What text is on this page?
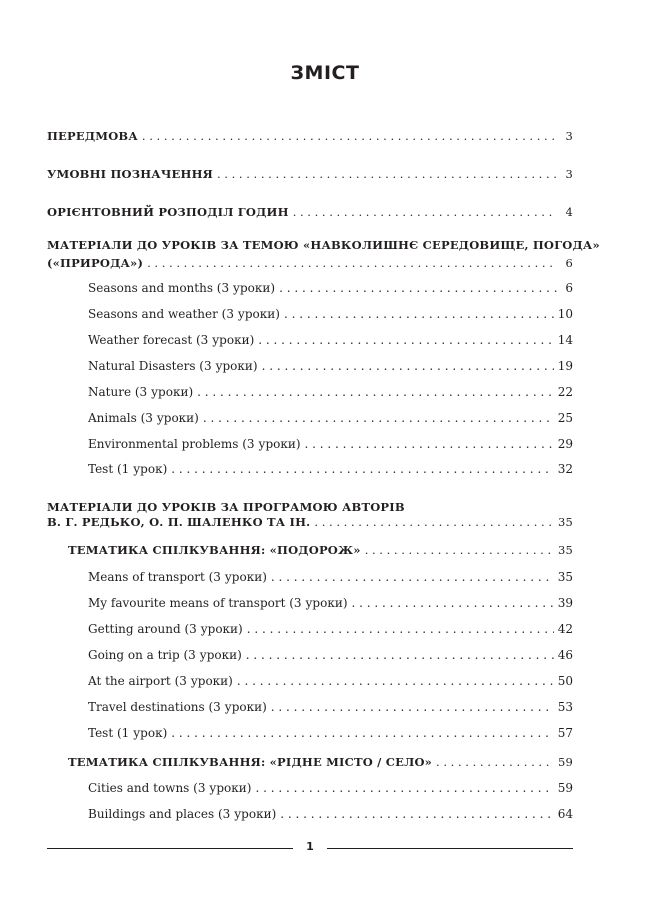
ЗМІСТ
ПЕРЕДМОВА . . .	3
УМОВНІ ПОЗНАЧЕННЯ . . .	3
ОРІЄНТОВНИЙ РОЗПОДІЛ ГОДИН . . .	4
МАТЕРІАЛИ ДО УРОКІВ ЗА ТЕМОЮ «НАВКОЛИШНЄ СЕРЕДОВИЩЕ, ПОГОДА»
(«ПРИРОДА») . . .	6
Seasons and months (3 уроки) . . .	6
Seasons and weather (3 уроки) . . .	10
Weather forecast (3 уроки) . . .	14
Natural Disasters (3 уроки) . . .	19
Nature (3 уроки) . . .	22
Animals (3 уроки) . . .	25
Environmental problems (3 уроки) . . .	29
Test (1 урок) . . .	32
МАТЕРІАЛИ ДО УРОКІВ ЗА ПРОГРАМОЮ АВТОРІВ
В. Г. РЕДЬКО, О. П. ШАЛЕНКО ТА ІН. . . .	35
ТЕМАТИКА СПІЛКУВАННЯ: «ПОДОРОЖ» . . .	35
Means of transport (3 уроки) . . .	35
My favourite means of transport (3 уроки) . . .	39
Getting around (3 уроки) . . .	42
Going on a trip (3 уроки) . . .	46
At the airport (3 уроки) . . .	50
Travel destinations (3 уроки) . . .	53
Test (1 урок) . . .	57
ТЕМАТИКА СПІЛКУВАННЯ: «РІДНЕ МІСТО / СЕЛО» . . .	59
Cities and towns (3 уроки) . . .	59
Buildings and places (3 уроки) . . .	64
1
